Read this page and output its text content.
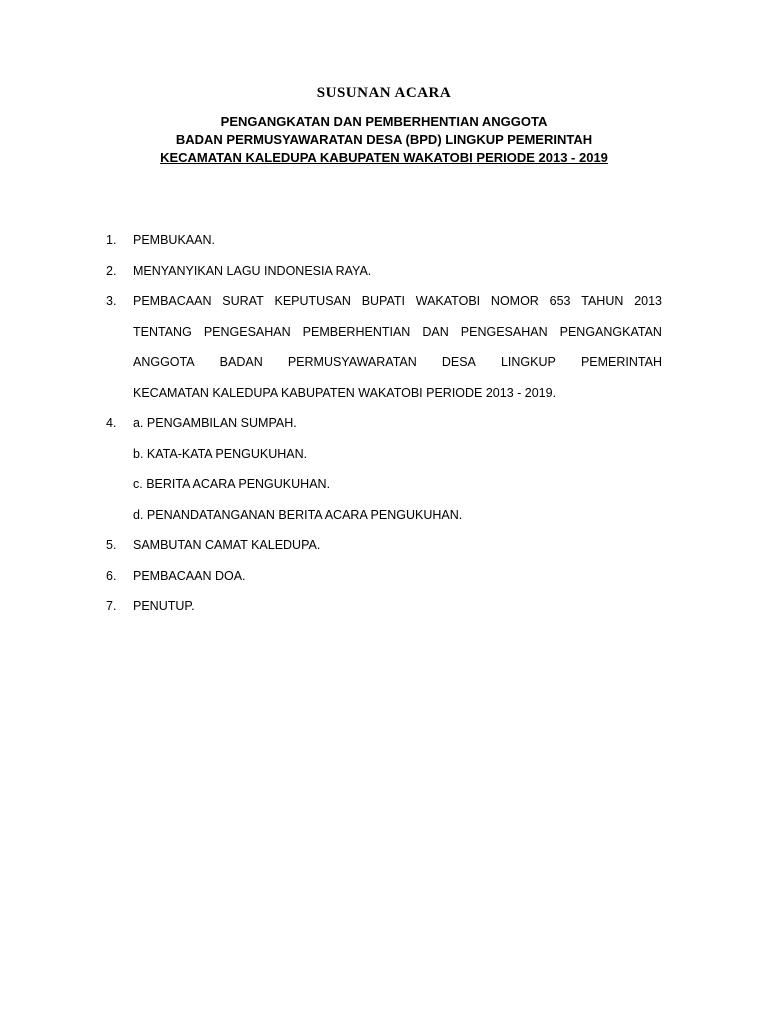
SUSUNAN ACARA
PENGANGKATAN DAN PEMBERHENTIAN ANGGOTA
BADAN PERMUSYAWARATAN DESA (BPD) LINGKUP PEMERINTAH
KECAMATAN KALEDUPA KABUPATEN WAKATOBI PERIODE 2013 - 2019
1.	PEMBUKAAN.
2.	MENYANYIKAN LAGU INDONESIA RAYA.
3.	PEMBACAAN SURAT KEPUTUSAN BUPATI WAKATOBI NOMOR 653 TAHUN 2013
TENTANG PENGESAHAN PEMBERHENTIAN DAN PENGESAHAN PENGANGKATAN
ANGGOTA BADAN PERMUSYAWARATAN DESA LINGKUP PEMERINTAH
KECAMATAN KALEDUPA KABUPATEN WAKATOBI PERIODE 2013 - 2019.
4.	a. PENGAMBILAN SUMPAH.
b. KATA-KATA PENGUKUHAN.
c. BERITA ACARA PENGUKUHAN.
d. PENANDATANGANAN BERITA ACARA PENGUKUHAN.
5.	SAMBUTAN CAMAT KALEDUPA.
6.	PEMBACAAN DOA.
7.	PENUTUP.
